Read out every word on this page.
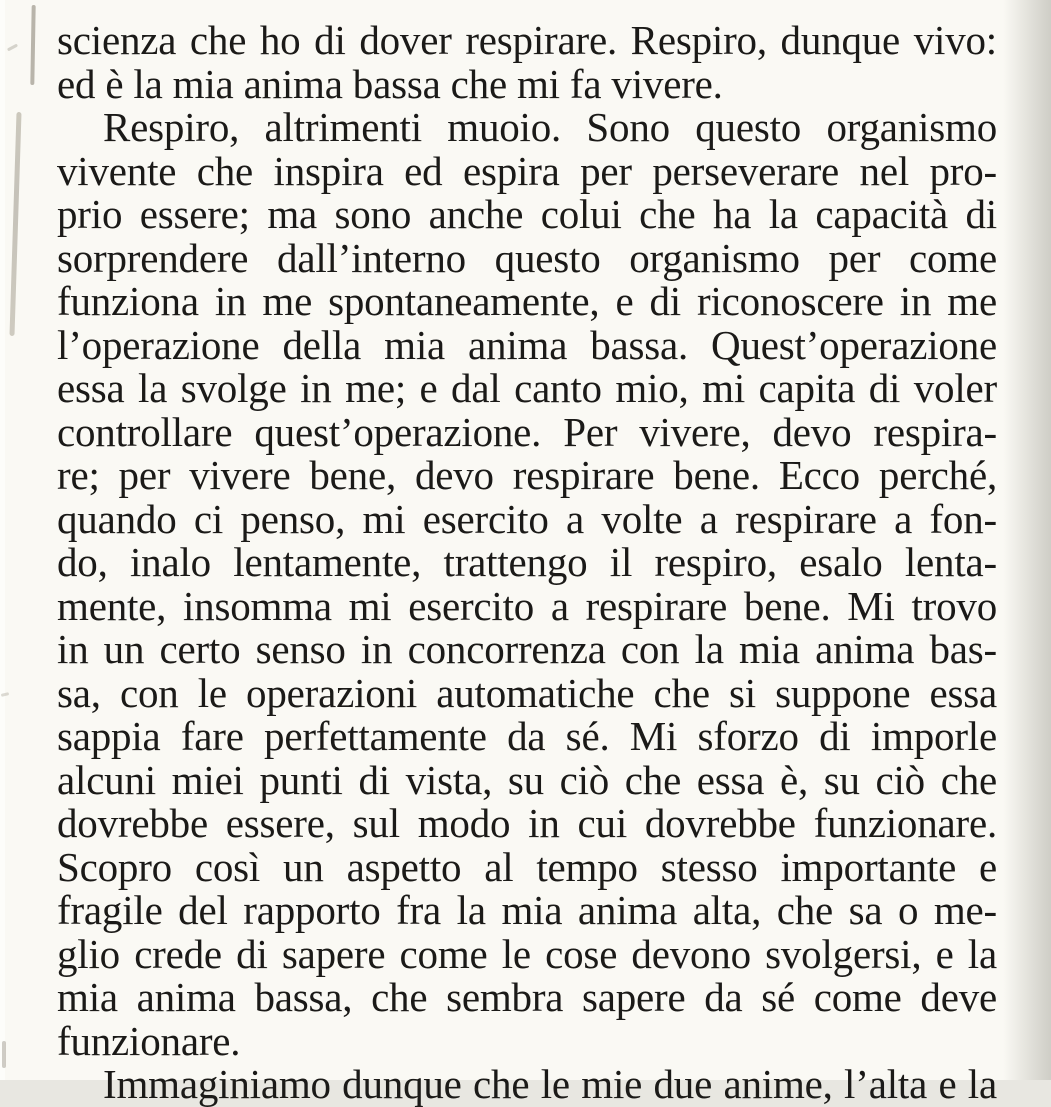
scienza che ho di dover respirare. Respiro, dunque vivo:
ed è la mia anima bassa che mi fa vivere.
Respiro, altrimenti muoio. Sono questo organismo
vivente che inspira ed espira per perseverare nel pro-
prio essere; ma sono anche colui che ha la capacità di
sorprendere dall’interno questo organismo per come
funziona in me spontaneamente, e di riconoscere in me
l’operazione della mia anima bassa. Quest’operazione
essa la svolge in me; e dal canto mio, mi capita di voler
controllare quest’operazione. Per vivere, devo respira-
re; per vivere bene, devo respirare bene. Ecco perché,
quando ci penso, mi esercito a volte a respirare a fon-
do, inalo lentamente, trattengo il respiro, esalo lenta-
mente, insomma mi esercito a respirare bene. Mi trovo
in un certo senso in concorrenza con la mia anima bas-
sa, con le operazioni automatiche che si suppone essa
sappia fare perfettamente da sé. Mi sforzo di imporle
alcuni miei punti di vista, su ciò che essa è, su ciò che
dovrebbe essere, sul modo in cui dovrebbe funzionare.
Scopro così un aspetto al tempo stesso importante e
fragile del rapporto fra la mia anima alta, che sa o me-
glio crede di sapere come le cose devono svolgersi, e la
mia anima bassa, che sembra sapere da sé come deve
funzionare.
Immaginiamo dunque che le mie due anime, l’alta e la
